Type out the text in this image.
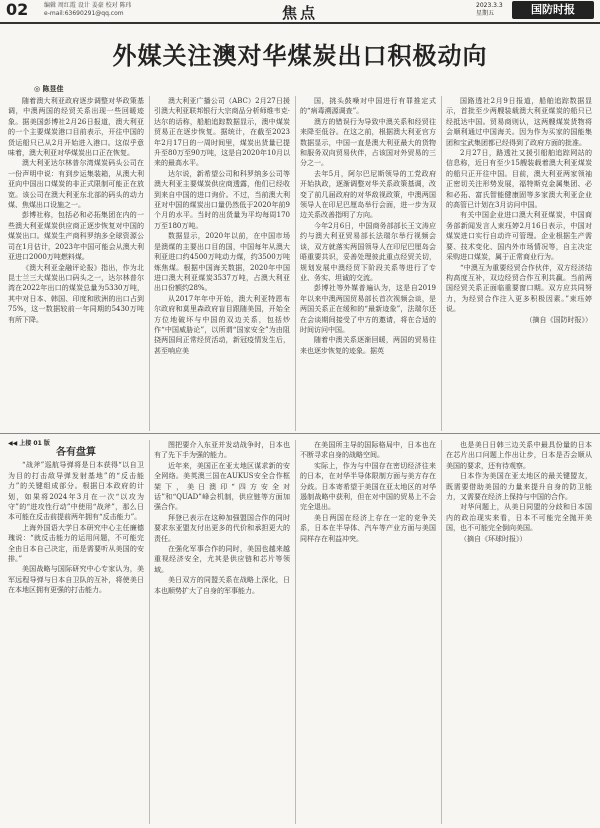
02	编辑 周红霞 设计 姜豪 校对 陈玮
e-mail:63690291@qq.com	焦点	2023.3.3
星期五	国防时报
外媒关注澳对华煤炭出口积极动向
◎ 陈昱佳

随着澳大利亚政府逐步调整对华政策基调，中澳两国的经贸关系出现一些回暖迹象。据美国彭博社2月26日报道，澳大利亚的一个主要煤炭港口目前表示，开往中国的货运船只已从2月开始进入港口。这似乎意味着，澳大利亚对华煤炭出口正在恢复。

澳大利亚达尔林普尔湾煤炭码头公司在一份声明中说：有到步运集装箱，从澳大利亚向中国出口煤炭的非正式限制可能正在放宽。该公司在澳大利亚东北部的码头的动力煤、焦煤出口设施之一。

彭博社称，包括必和必拓集团在内的一些澳大利亚煤炭供应商正逐步恢复对中国的煤炭出口。煤炭生产商科罗纳多全球资源公司在1月估计，2023年中国可能会从澳大利亚进口2000万吨燃料煤。

《澳大利亚金融评论报》指出，作为北昆士兰三大煤炭出口码头之一，达尔林普尔湾在2022年出口的煤炭总量为5330万吨，其中对日本、韩国、印度和欧洲的出口占到75%，这一数据较前一年同期的5430万吨有所下降。

澳大利亚广播公司（ABC）2月27日援引澳大利亚联邦银行大宗商品分析师维韦克·达尔的话称，船舶追踪数据显示，澳中煤炭贸易正在逐步恢复。据统计，在截至2023年2月17日的一周时间里，煤炭出货量已提升至80万至90万吨，这是自2020年10月以来的最高水平。

达尔说，新希望公司和科罗纳多公司等澳大利亚主要煤炭供应商透露，他们已经收到来自中国的进口询价。不过，当前澳大利亚对中国的煤炭出口量仍然低于2020年前9个月的水平。当时的出货量为平均每周170万至180万吨。

数据显示，2020年以前，在中国市场是澳煤的主要出口目的国，中国每年从澳大利亚进口约4500万吨动力煤，约3500万吨炼焦煤。根据中国海关数据，2020年中国进口澳大利亚煤炭3537万吨，占澳大利亚出口份额约28%。

从2017年年中开始，澳大利亚特恩布尔政府和莫里森政府盲目跟随美国，开始全方位地破坏与中国的双边关系，包括炒作“中国威胁论”，以所谓“国家安全”为由阻挠两国间正常经贸活动，新冠疫情发生后，甚至响应美

国，挑头鼓噪对中国进行有罪推定式的“病毒溯源调查”。

澳方的错误行为导致中澳关系和经贸往来降至低谷。在这之前，根据澳大利亚官方数据显示，中国一直是澳大利亚最大的货物和服务双向贸易伙伴，占该国对外贸易的三分之一。

去年5月，阿尔巴尼斯领导的工党政府开始执政，逐渐调整对华关系政策基调，改变了前几届政府的对华敌视政策，中澳两国领导人在印尼巴厘岛举行会面，进一步为双边关系改善指明了方向。

今年2月6日，中国商务部部长王文涛应约与澳大利亚贸易部长法瑞尔举行视频会谈，双方就落实两国领导人在印尼巴厘岛会晤重要共识，妥善处理彼此重点经贸关切，规划发展中澳经贸下阶段关系等进行了专业、务实、坦诚的交流。

彭博社等外媒普遍认为，这是自2019年以来中澳两国贸易部长首次视频会谈，是两国关系正在缓和的“最新迹象”，法瑞尔还在会谈期间接受了中方的邀请，将在合适的时间访问中国。

随着中澳关系逐渐回暖，两国的贸易往来也逐步恢复的迹象。据英

国路透社2月9日报道，船舶追踪数据显示，首批至少两艘装载澳大利亚煤炭的船只已经抵达中国。贸易商则认，这两艘煤炭货物将会顺利通过中国海关。因为作为买家的国能集团和宝武集团都已经得到了政府方面的批准。

2月27日，路透社又援引船舶追踪网站的信息称，近日有至少15艘装载着澳大利亚煤炭的船只正开往中国。目前，澳大利亚两家领袖正密切关注形势发展，福特斯克金属集团、必和必拓、富氏智能健康固等多家澳大利亚企业的高管已计划在3月访问中国。

有关中国企业进口澳大利亚煤炭，中国商务部新闻发言人束珏婷2月16日表示，中国对煤炭进口实行自动许可管理。企业根据生产需要、技术变化、国内外市场情况等，自主决定采购进口煤炭，属于正常商业行为。

“中澳互为重要经贸合作伙伴，双方经济结构高度互补，双边经贸合作互利共赢。当前两国经贸关系正面临重要窗口期。双方应共同努力，为经贸合作注入更多积极因素。”束珏婷说。

（摘自《国防时报》）

◀◀ 上接 01 版
各有盘算

“战斧”巡航导弹将是日本获得“以自卫为目的打击敌导弹发射基地”的“反击能力”的关键组成部分。根据日本政府的计划，如果将2024年3月在一次“以攻为守”的“进攻性行动”中使用“战斧”，那么日本可能在反击前提前两年拥有“反击能力”。

上海外国语大学日本研究中心主任廉德瑰说：“就反击能力的运用问题，不可能完全由日本自己决定，而是需要听从美国的安排。”

美国战略与国际研究中心专家认为，美军远程导弹与日本自卫队的互补，将使美日在本地区拥有更强的打击能力。

图把要介入东亚并发动战争时，日本也有了先下手为强的能力。

近年来，美国正在亚太地区谋求新的安全网络。美英澳三国在AUKUS安全合作框架下，美日澳印“四方安全对话”和“QUAD”峰会机制，供应链等方面加强合作。

拜登已表示在这种加强盟国合作的同时要求东亚盟友付出更多的代价和承担更大的责任。

在强化军事合作的同时，美国也越来越重视经济安全，尤其是供应链和芯片等领域。

美日双方的同盟关系在战略上深化，日本也顺势扩大了自身的军事能力。

在美国所主导的国际格局中，日本也在不断寻求自身的战略空间。

实际上，作为与中国存在密切经济往来的日本，在对华半导体限制方面与美方存在分歧。日本寄希望于美国在亚太地区的对华遏制战略中获利，但在对中国的贸易上不会完全退出。

美日两国在经济上存在一定的竞争关系，日本在半导体、汽车等产业方面与美国同样存在利益冲突。

也是美日日韩三边关系中最具份量的日本在芯片出口问题上作出让步，日本是否会顺从美国的要求，还有待观察。

日本作为美国在亚太地区的最关键盟友，既需要借助美国的力量来提升自身的防卫能力，又需要在经济上保持与中国的合作。

对华问题上，从美日同盟的分歧和日本国内的政治现实来看，日本不可能完全抛开美国，也不可能完全倒向美国。

（摘自《环球时报》）
